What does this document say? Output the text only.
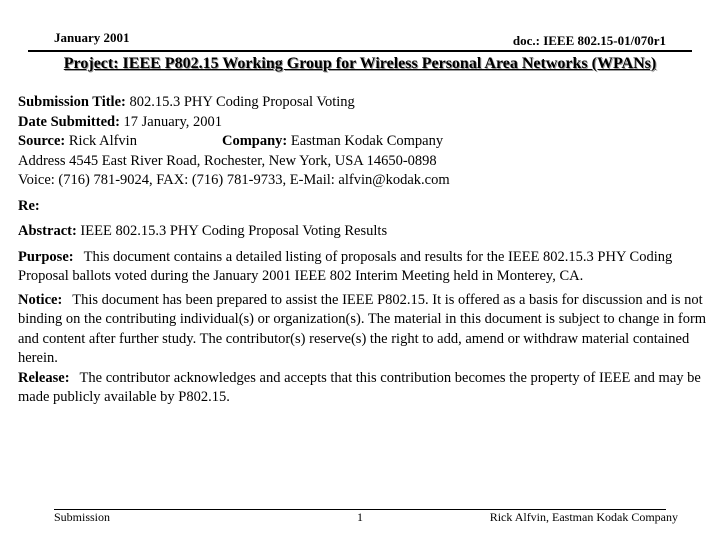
January 2001	doc.: IEEE 802.15-01/070r1
Project: IEEE P802.15 Working Group for Wireless Personal Area Networks (WPANs)

Submission Title: 802.15.3 PHY Coding Proposal Voting

Date Submitted: 17 January, 2001

Source: Rick Alfvin	Company: Eastman Kodak Company

Address 4545 East River Road, Rochester, New York, USA 14650-0898

Voice: (716) 781-9024, FAX: (716) 781-9733, E-Mail: alfvin@kodak.com

Re:

Abstract: IEEE 802.15.3 PHY Coding Proposal Voting Results

Purpose: This document contains a detailed listing of proposals and results for the IEEE 802.15.3 PHY Coding Proposal ballots voted during the January 2001 IEEE 802 Interim Meeting held in Monterey, CA.

Notice: This document has been prepared to assist the IEEE P802.15. It is offered as a basis for discussion and is not binding on the contributing individual(s) or organization(s). The material in this document is subject to change in form and content after further study. The contributor(s) reserve(s) the right to add, amend or withdraw material contained herein.

Release: The contributor acknowledges and accepts that this contribution becomes the property of IEEE and may be made publicly available by P802.15.

Submission	1	Rick Alfvin, Eastman Kodak Company
